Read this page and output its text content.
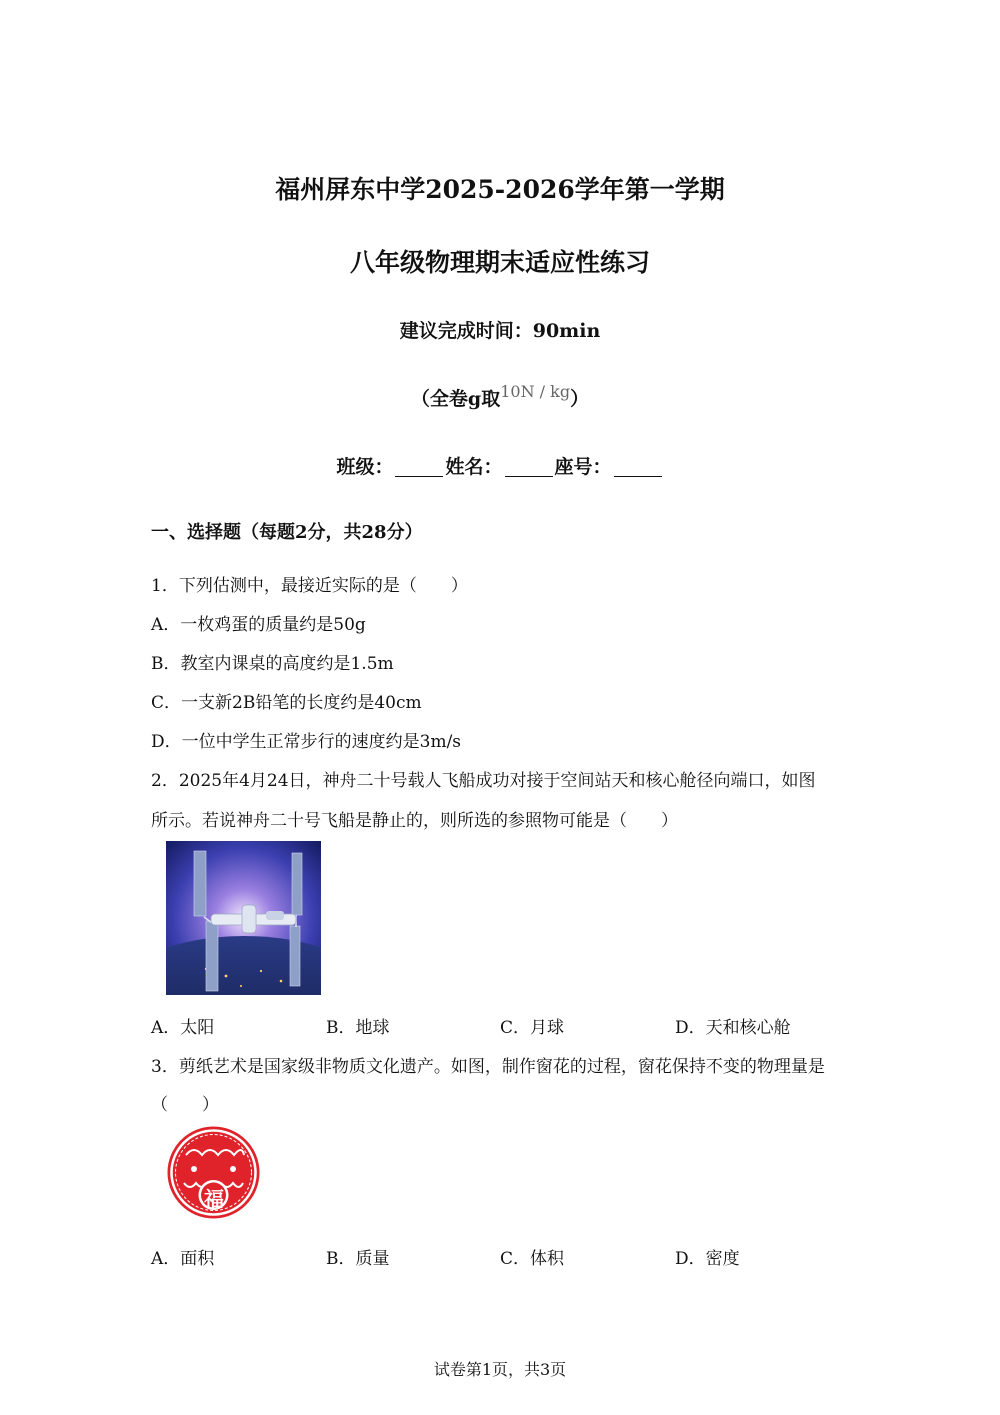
福州屏东中学2025-2026学年第一学期
八年级物理期末适应性练习
建议完成时间：90min
（全卷g取$^{10N / kg}$）
班级：	姓名：	座号：
一、选择题（每题2分，共28分）
1．下列估测中，最接近实际的是（　　）
A．一枚鸡蛋的质量约是50g
B．教室内课桌的高度约是1.5m
C．一支新2B铅笔的长度约是40cm
D．一位中学生正常步行的速度约是3m/s
2．2025年4月24日，神舟二十号载人飞船成功对接于空间站天和核心舱径向端口，如图
所示。若说神舟二十号飞船是静止的，则所选的参照物可能是（　　）
A．太阳	B．地球	C．月球	D．天和核心舱
3．剪纸艺术是国家级非物质文化遗产。如图，制作窗花的过程，窗花保持不变的物理量是
（　　）
福
A．面积	B．质量	C．体积	D．密度
试卷第1页，共3页
